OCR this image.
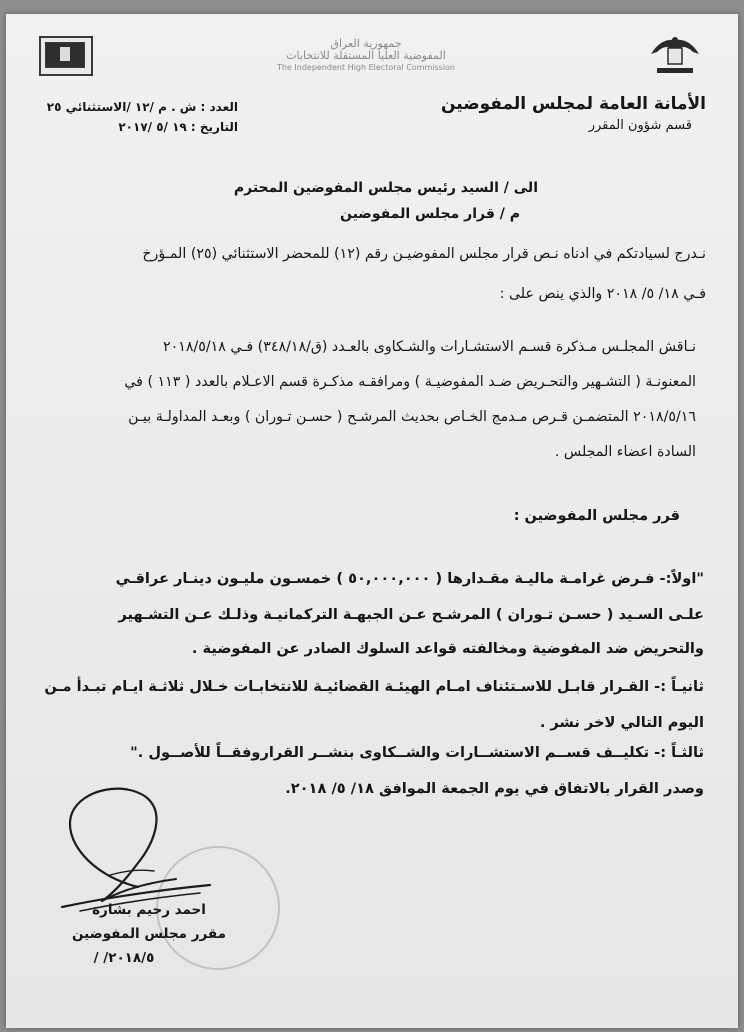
جمهورية العراق
المفوضية العليا المستقلة للانتخابات
The Independent High Electoral Commission
الأمانة العامة لمجلس المفوضين
قسم شؤون المقرر
العدد : ش . م /١٢ /الاستثنائي ٢٥
التاريخ : ١٩ /٥ /٢٠١٧
الى / السيد رئيس مجلس المفوضين المحترم
م / قرار مجلس المفوضين
نـدرج لسيادتكم في ادناه نـص قرار مجلس المفوضيـن رقم (١٢) للمحضر الاستثنائي (٢٥) المـؤرخ
فـي ١٨/ ٥/ ٢٠١٨ والذي ينص على :
نـاقش المجلـس مـذكرة قسـم الاستشـارات والشـكاوى بالعـدد (ق/٣٤٨/١٨) فـي ٢٠١٨/٥/١٨
المعنونـة ( التشـهير والتحـريض ضـد المفوضيـة ) ومرافقـه مذكـرة قسم الاعـلام بالعدد ( ١١٣ ) في
٢٠١٨/٥/١٦ المتضمـن قـرص مـدمج الخـاص بحديث المرشـح ( حسـن تـوران ) وبعـد المداولـة بيـن
السادة اعضاء المجلس .
قرر مجلس المفوضين :
"اولاً:- فـرض غرامـة ماليـة مقـدارها ( ٥٠,٠٠٠,٠٠٠ ) خمسـون مليـون دينـار عراقـي
علـى السـيد ( حسـن تـوران ) المرشـح عـن الجبهـة التركمانيـة وذلـك عـن التشـهير
والتحريض ضد المفوضية ومخالفته قواعد السلوك الصادر عن المفوضية .
ثانيـاً :- القـرار قابـل للاسـتئناف امـام الهيئـة القضائيـة للانتخابـات خـلال ثلاثـة ايـام تبـدأ مـن
اليوم التالي لاخر نشر .
ثالثـاً :- تكليــف قســم الاستشــارات والشــكاوى بنشــر القراروفقــاً للأصــول ."
وصدر القرار بالاتفاق في يوم الجمعة الموافق ١٨/ ٥/ ٢٠١٨.
احمد رحيم بشارة
مقرر مجلس المفوضين
٢٠١٨/٥/ /
